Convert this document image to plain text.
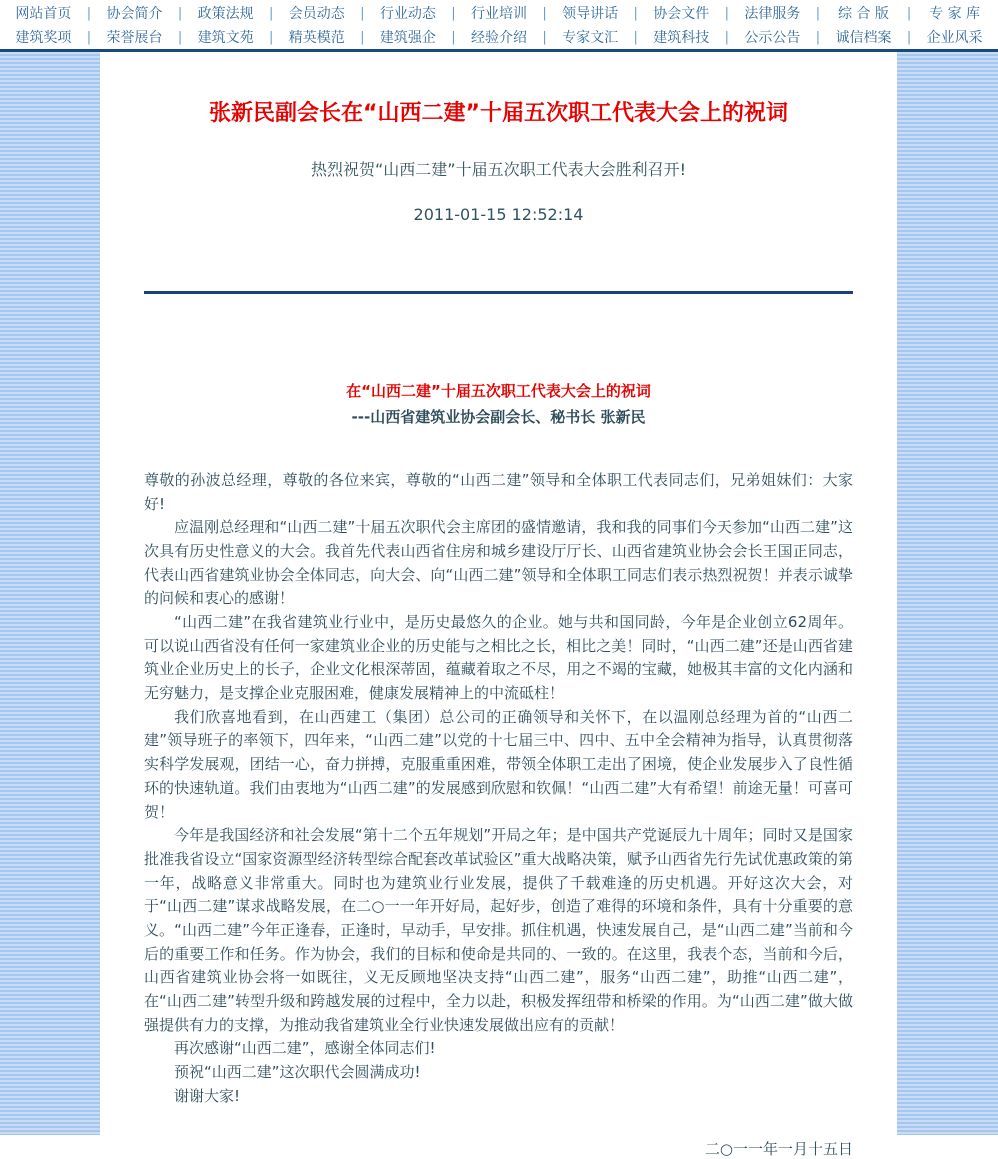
网站首页	|	协会简介	|	政策法规	|	会员动态	|	行业动态	|	行业培训	|	领导讲话	|	协会文件	|	法律服务	|	综 合 版	|	专 家 库
建筑奖项	|	荣誉展台	|	建筑文苑	|	精英模范	|	建筑强企	|	经验介绍	|	专家文汇	|	建筑科技	|	公示公告	|	诚信档案	|	企业风采
张新民副会长在“山西二建”十届五次职工代表大会上的祝词
热烈祝贺“山西二建”十届五次职工代表大会胜利召开!
2011-01-15 12:52:14
在“山西二建”十届五次职工代表大会上的祝词
---山西省建筑业协会副会长、秘书长 张新民

尊敬的孙波总经理，尊敬的各位来宾，尊敬的“山西二建”领导和全体职工代表同志们，兄弟姐妹们：大家好!

应温刚总经理和“山西二建”十届五次职代会主席团的盛情邀请，我和我的同事们今天参加“山西二建”这次具有历史性意义的大会。我首先代表山西省住房和城乡建设厅厅长、山西省建筑业协会会长王国正同志，代表山西省建筑业协会全体同志，向大会、向“山西二建”领导和全体职工同志们表示热烈祝贺！并表示诚挚的问候和衷心的感谢！

“山西二建”在我省建筑业行业中，是历史最悠久的企业。她与共和国同龄，今年是企业创立62周年。可以说山西省没有任何一家建筑业企业的历史能与之相比之长，相比之美！同时，“山西二建”还是山西省建筑业企业历史上的长子，企业文化根深蒂固，蕴藏着取之不尽，用之不竭的宝藏，她极其丰富的文化内涵和无穷魅力，是支撑企业克服困难，健康发展精神上的中流砥柱！

我们欣喜地看到，在山西建工（集团）总公司的正确领导和关怀下，在以温刚总经理为首的“山西二建”领导班子的率领下，四年来，“山西二建”以党的十七届三中、四中、五中全会精神为指导，认真贯彻落实科学发展观，团结一心，奋力拼搏，克服重重困难，带领全体职工走出了困境，使企业发展步入了良性循环的快速轨道。我们由衷地为“山西二建”的发展感到欣慰和钦佩！“山西二建”大有希望！前途无量！可喜可贺！

今年是我国经济和社会发展“第十二个五年规划”开局之年；是中国共产党诞辰九十周年；同时又是国家批准我省设立“国家资源型经济转型综合配套改革试验区”重大战略决策，赋予山西省先行先试优惠政策的第一年，战略意义非常重大。同时也为建筑业行业发展，提供了千载难逢的历史机遇。开好这次大会，对于“山西二建”谋求战略发展，在二○一一年开好局，起好步，创造了难得的环境和条件，具有十分重要的意义。“山西二建”今年正逢春，正逢时，早动手，早安排。抓住机遇，快速发展自己，是“山西二建”当前和今后的重要工作和任务。作为协会，我们的目标和使命是共同的、一致的。在这里，我表个态，当前和今后，山西省建筑业协会将一如既往，义无反顾地坚决支持“山西二建”，服务“山西二建”，助推“山西二建”，在“山西二建”转型升级和跨越发展的过程中，全力以赴，积极发挥纽带和桥梁的作用。为“山西二建”做大做强提供有力的支撑，为推动我省建筑业全行业快速发展做出应有的贡献！

再次感谢“山西二建”，感谢全体同志们!

预祝“山西二建”这次职代会圆满成功!

谢谢大家!

二○一一年一月十五日
